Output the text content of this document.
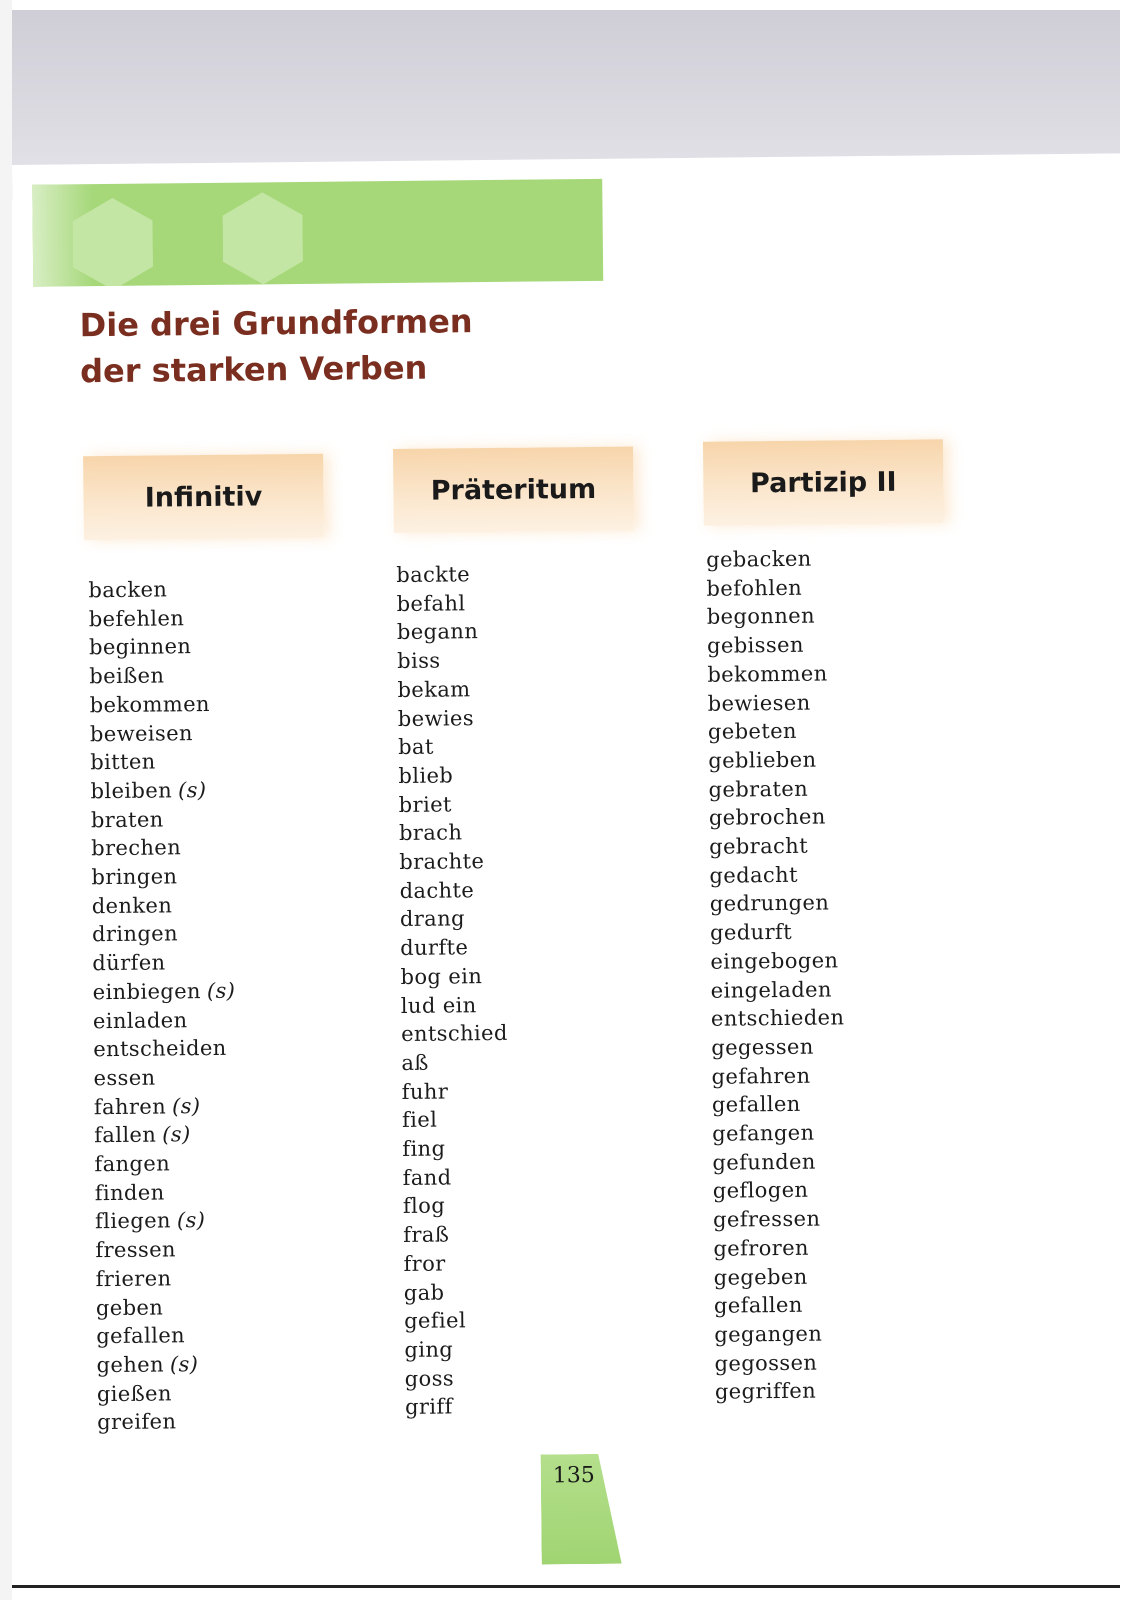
Die drei Grundformen
der starken Verben
Infinitiv	Präteritum	Partizip II
backen
befehlen
beginnen
beißen
bekommen
beweisen
bitten
bleiben (s)
braten
brechen
bringen
denken
dringen
dürfen
einbiegen (s)
einladen
entscheiden
essen
fahren (s)
fallen (s)
fangen
finden
fliegen (s)
fressen
frieren
geben
gefallen
gehen (s)
gießen
greifen
backte
befahl
begann
biss
bekam
bewies
bat
blieb
briet
brach
brachte
dachte
drang
durfte
bog ein
lud ein
entschied
aß
fuhr
fiel
fing
fand
flog
fraß
fror
gab
gefiel
ging
goss
griff
gebacken
befohlen
begonnen
gebissen
bekommen
bewiesen
gebeten
geblieben
gebraten
gebrochen
gebracht
gedacht
gedrungen
gedurft
eingebogen
eingeladen
entschieden
gegessen
gefahren
gefallen
gefangen
gefunden
geflogen
gefressen
gefroren
gegeben
gefallen
gegangen
gegossen
gegriffen
135
